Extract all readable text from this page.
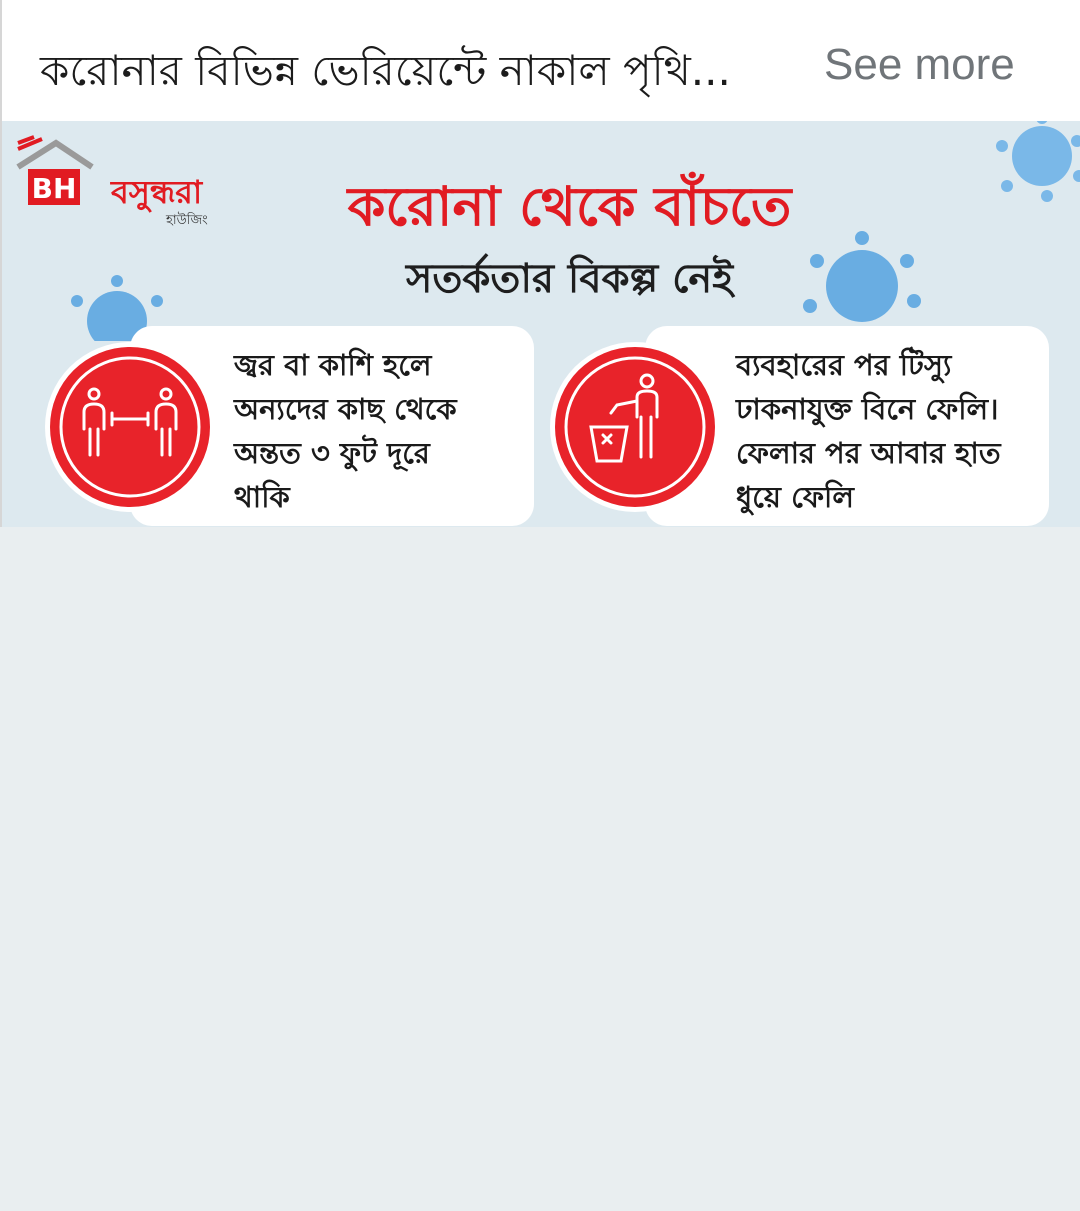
করোনার বিভিন্ন ভেরিয়েন্টে নাকাল পৃথি... See more
BH বসুন্ধরা
হাউজিং	করোনা থেকে বাঁচতে
সতর্কতার বিকল্প নেই
জ্বর বা কাশি হলে
অন্যদের কাছ থেকে
অন্তত ৩ ফুট দূরে
থাকি
ব্যবহারের পর টিস্যু
ঢাকনাযুক্ত বিনে ফেলি।
ফেলার পর আবার হাত
ধুয়ে ফেলি
